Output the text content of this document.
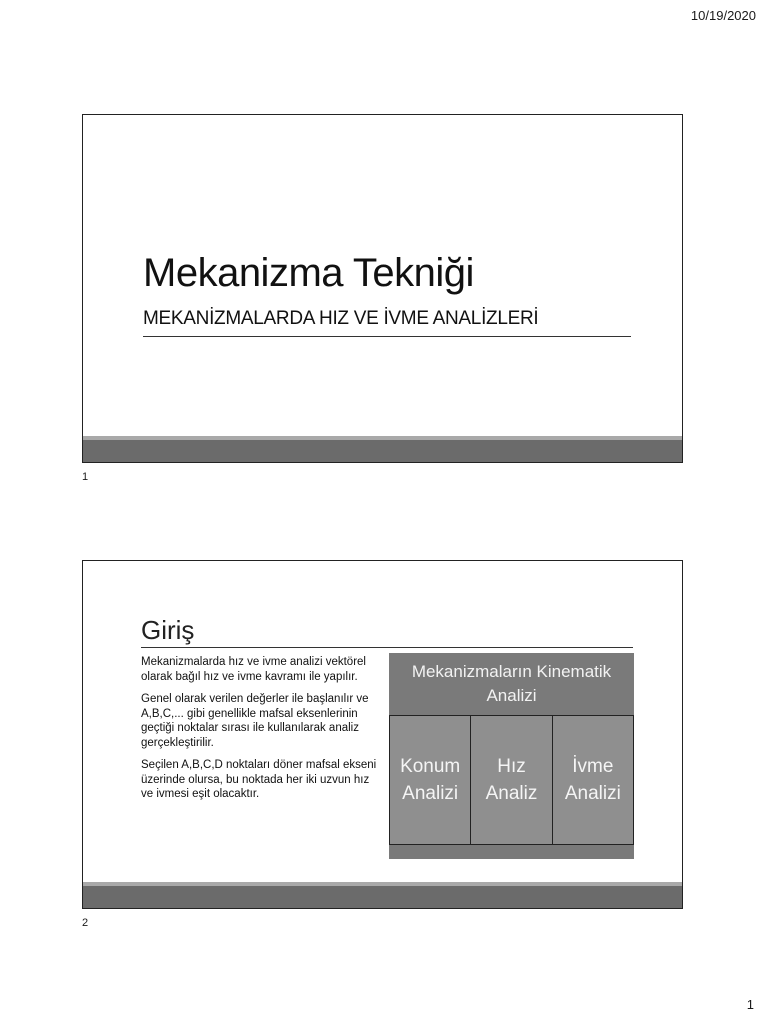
10/19/2020
Mekanizma Tekniği
MEKANİZMALARDA HIZ VE İVME ANALİZLERİ
1
Giriş

Mekanizmalarda hız ve ivme analizi vektörel olarak bağıl hız ve ivme kavramı ile yapılır.

Genel olarak verilen değerler ile başlanılır ve A,B,C,... gibi genellikle mafsal eksenlerinin geçtiği noktalar sırası ile kullanılarak analiz gerçekleştirilir.

Seçilen A,B,C,D noktaları döner mafsal ekseni üzerinde olursa, bu noktada her iki uzvun hız ve ivmesi eşit olacaktır.

Mekanizmaların Kinematik Analizi
Konum Analizi
Hız Analiz
İvme Analizi
2
1
